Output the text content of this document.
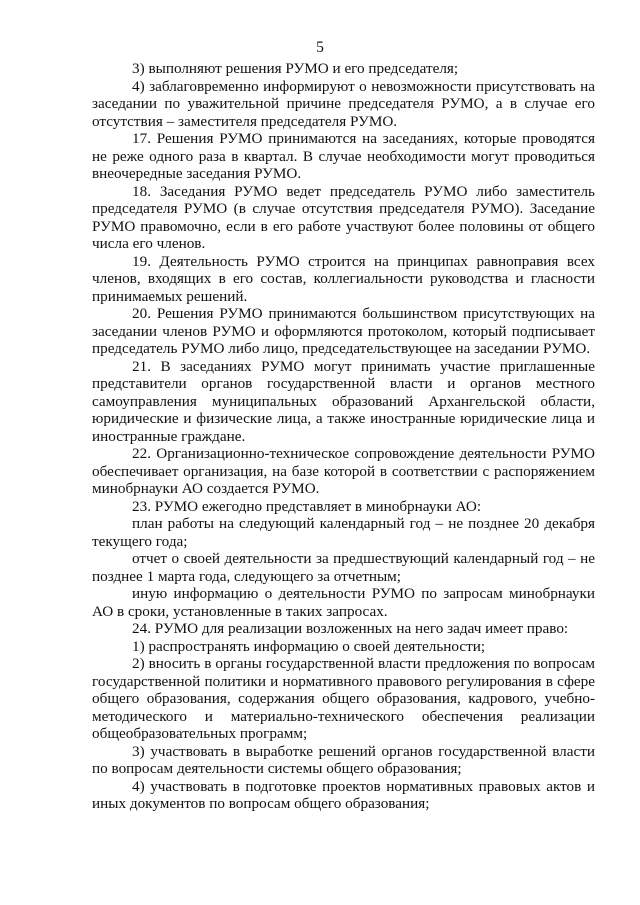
5

3) выполняют решения РУМО и его председателя;

4) заблаговременно информируют о невозможности присутствовать на заседании по уважительной причине председателя РУМО, а в случае его отсутствия – заместителя председателя РУМО.

17. Решения РУМО принимаются на заседаниях, которые проводятся не реже одного раза в квартал. В случае необходимости могут проводиться внеочередные заседания РУМО.

18. Заседания РУМО ведет председатель РУМО либо заместитель председателя РУМО (в случае отсутствия председателя РУМО). Заседание РУМО правомочно, если в его работе участвуют более половины от общего числа его членов.

19. Деятельность РУМО строится на принципах равноправия всех членов, входящих в его состав, коллегиальности руководства и гласности принимаемых решений.

20. Решения РУМО принимаются большинством присутствующих на заседании членов РУМО и оформляются протоколом, который подписывает председатель РУМО либо лицо, председательствующее на заседании РУМО.

21. В заседаниях РУМО могут принимать участие приглашенные представители органов государственной власти и органов местного самоуправления муниципальных образований Архангельской области, юридические и физические лица, а также иностранные юридические лица и иностранные граждане.

22. Организационно-техническое сопровождение деятельности РУМО обеспечивает организация, на базе которой в соответствии с распоряжением минобрнауки АО создается РУМО.

23. РУМО ежегодно представляет в минобрнауки АО:

план работы на следующий календарный год – не позднее 20 декабря текущего года;

отчет о своей деятельности за предшествующий календарный год – не позднее 1 марта года, следующего за отчетным;

иную информацию о деятельности РУМО по запросам минобрнауки АО в сроки, установленные в таких запросах.

24. РУМО для реализации возложенных на него задач имеет право:

1) распространять информацию о своей деятельности;

2) вносить в органы государственной власти предложения по вопросам государственной политики и нормативного правового регулирования в сфере общего образования, содержания общего образования, кадрового, учебно-методического и материально-технического обеспечения реализации общеобразовательных программ;

3) участвовать в выработке решений органов государственной власти по вопросам деятельности системы общего образования;

4) участвовать в подготовке проектов нормативных правовых актов и иных документов по вопросам общего образования;
